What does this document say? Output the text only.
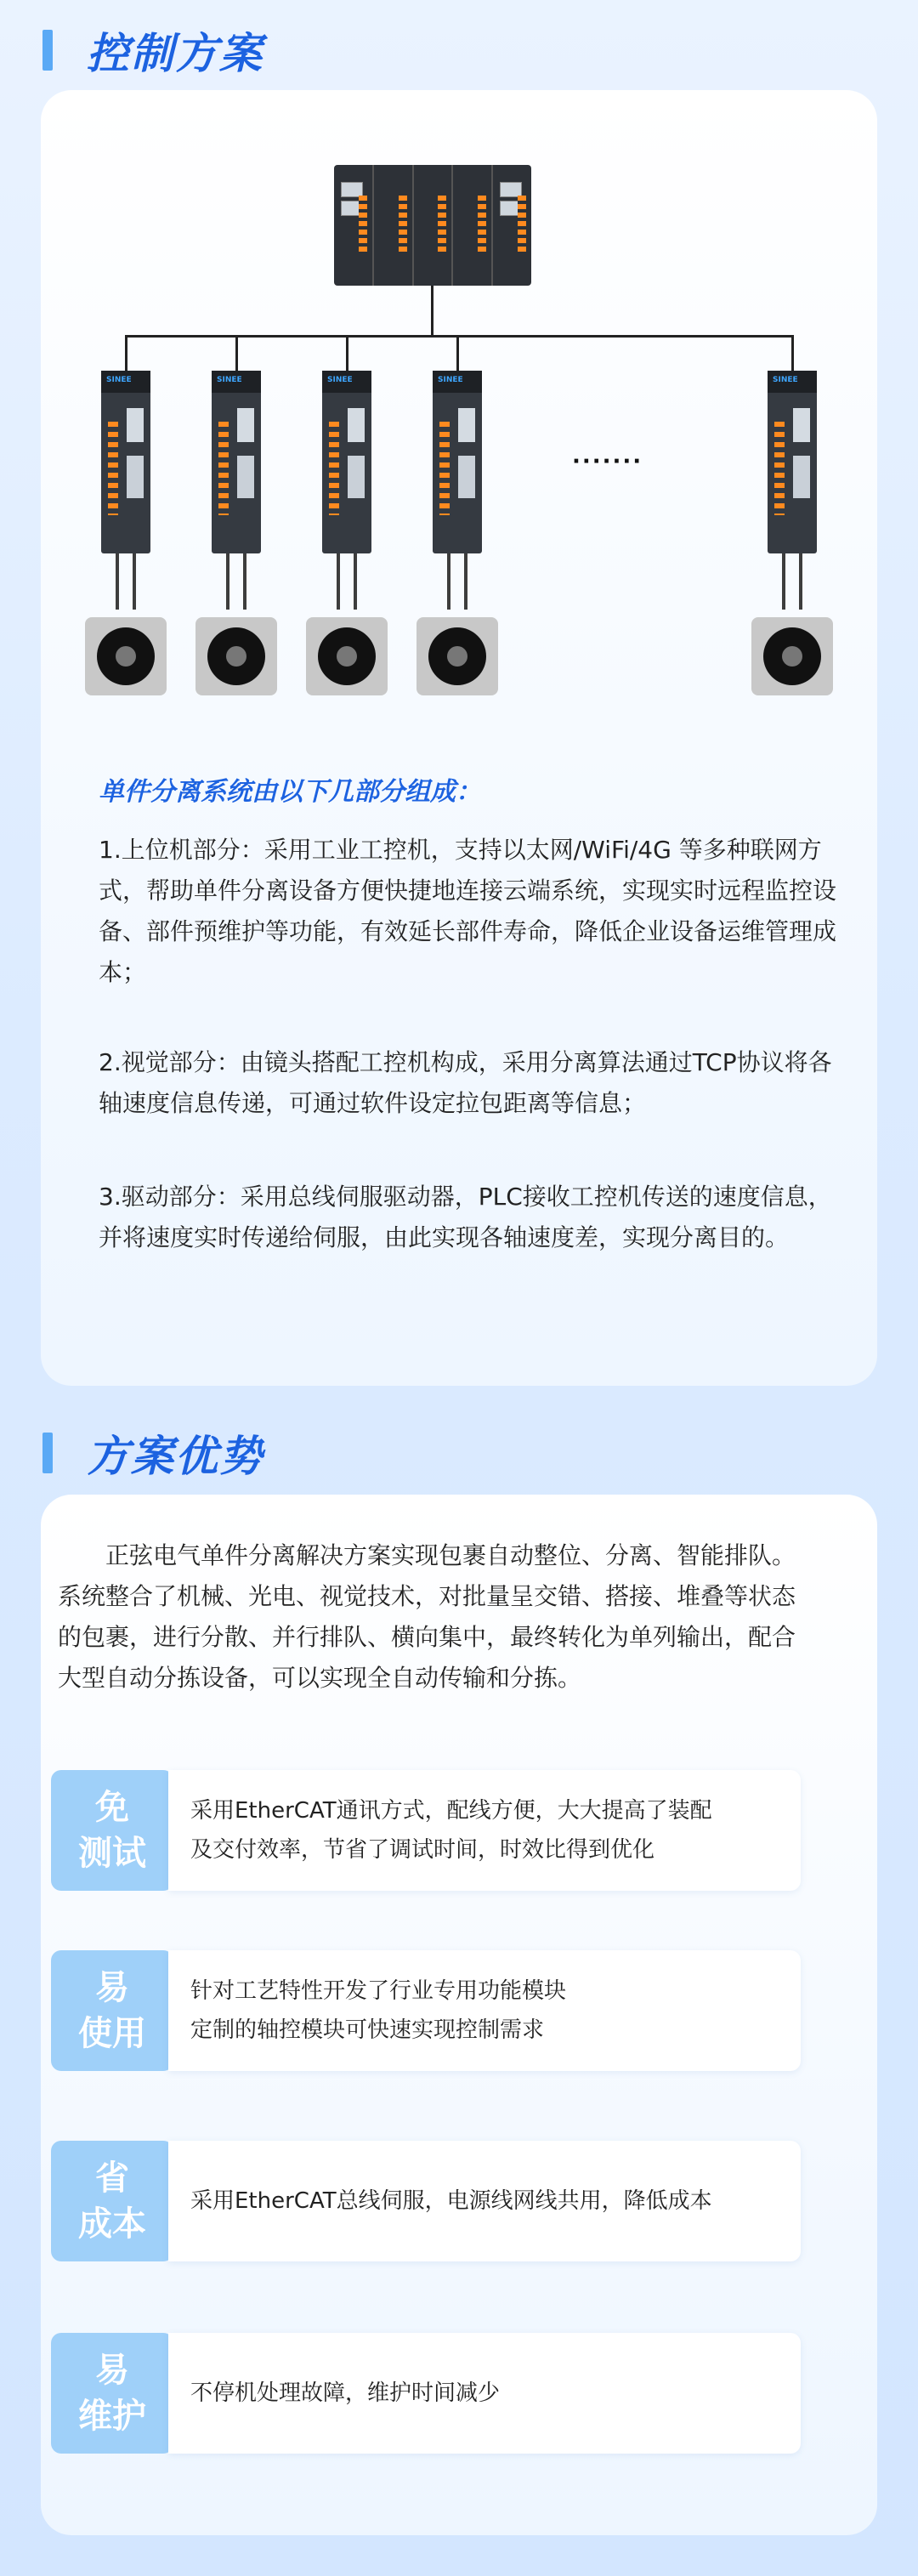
控制方案
SINEE	SINEE	SINEE	SINEE	SINEE
·······
单件分离系统由以下几部分组成：

1.上位机部分：采用工业工控机，支持以太网/WiFi/4G 等多种联网方式，帮助单件分离设备方便快捷地连接云端系统，实现实时远程监控设备、部件预维护等功能，有效延长部件寿命，降低企业设备运维管理成本；

2.视觉部分：由镜头搭配工控机构成，采用分离算法通过TCP协议将各轴速度信息传递，可通过软件设定拉包距离等信息；

3.驱动部分：采用总线伺服驱动器，PLC接收工控机传送的速度信息，并将速度实时传递给伺服，由此实现各轴速度差，实现分离目的。

方案优势

正弦电气单件分离解决方案实现包裹自动整位、分离、智能排队。系统整合了机械、光电、视觉技术，对批量呈交错、搭接、堆叠等状态的包裹，进行分散、并行排队、横向集中，最终转化为单列输出，配合大型自动分拣设备，可以实现全自动传输和分拣。

免
测试
采用EtherCAT通讯方式，配线方便，大大提高了装配
及交付效率，节省了调试时间，时效比得到优化
易
使用
针对工艺特性开发了行业专用功能模块
定制的轴控模块可快速实现控制需求
省
成本
采用EtherCAT总线伺服，电源线网线共用，降低成本
易
维护
不停机处理故障，维护时间减少
